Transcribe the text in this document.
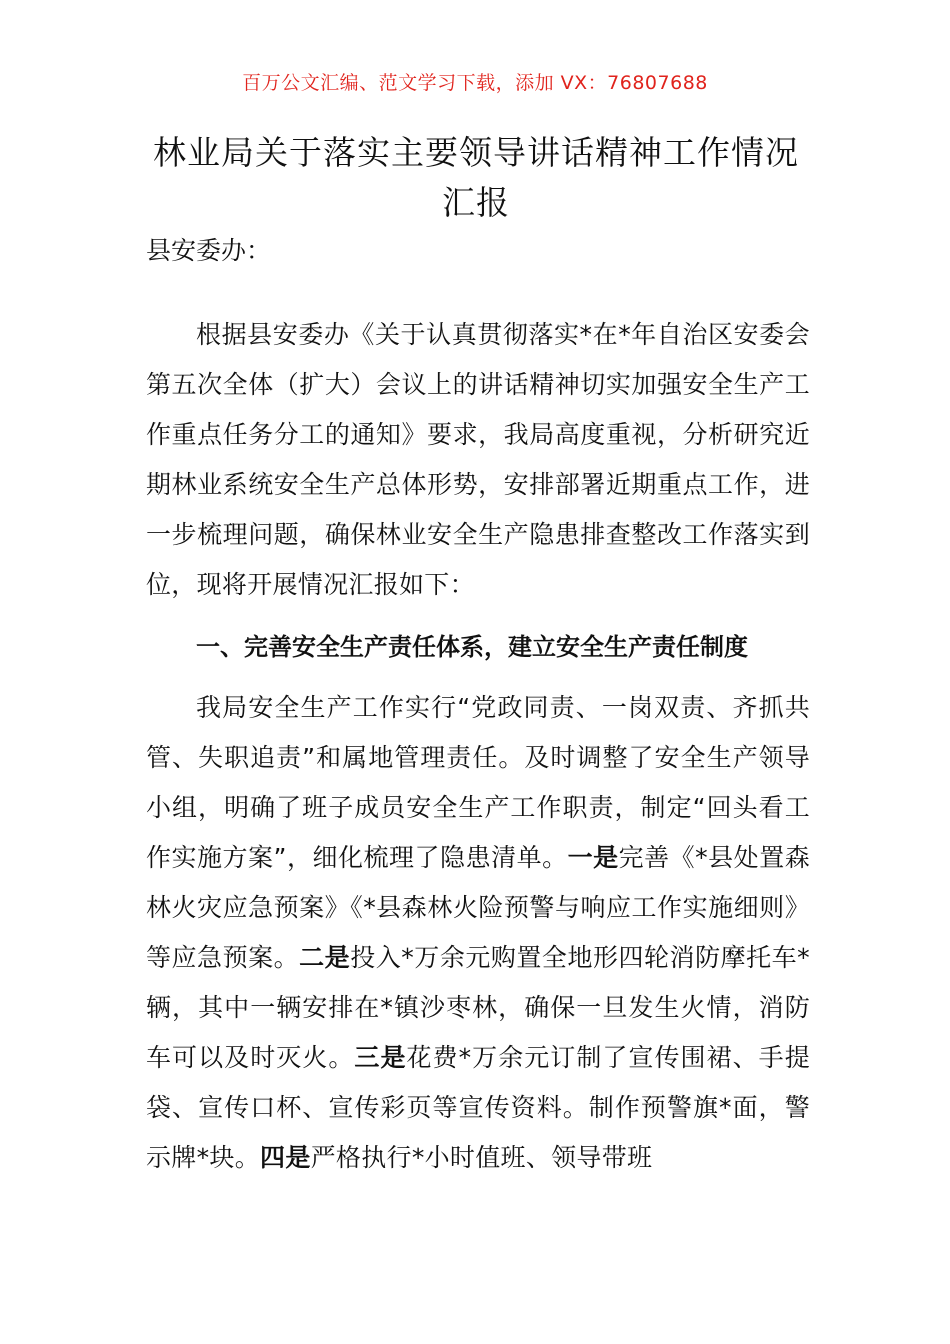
百万公文汇编、范文学习下载，添加 VX：76807688
林业局关于落实主要领导讲话精神工作情况汇报
县安委办：
根据县安委办《关于认真贯彻落实*在*年自治区安委会第五次全体（扩大）会议上的讲话精神切实加强安全生产工作重点任务分工的通知》要求，我局高度重视，分析研究近期林业系统安全生产总体形势，安排部署近期重点工作，进一步梳理问题，确保林业安全生产隐患排查整改工作落实到位，现将开展情况汇报如下：
一、完善安全生产责任体系，建立安全生产责任制度
我局安全生产工作实行“党政同责、一岗双责、齐抓共管、失职追责”和属地管理责任。及时调整了安全生产领导小组，明确了班子成员安全生产工作职责，制定“回头看工作实施方案”，细化梳理了隐患清单。一是完善《*县处置森林火灾应急预案》《*县森林火险预警与响应工作实施细则》等应急预案。二是投入*万余元购置全地形四轮消防摩托车*辆，其中一辆安排在*镇沙枣林，确保一旦发生火情，消防车可以及时灭火。三是花费*万余元订制了宣传围裙、手提袋、宣传口杯、宣传彩页等宣传资料。制作预警旗*面，警示牌*块。四是严格执行*小时值班、领导带班
